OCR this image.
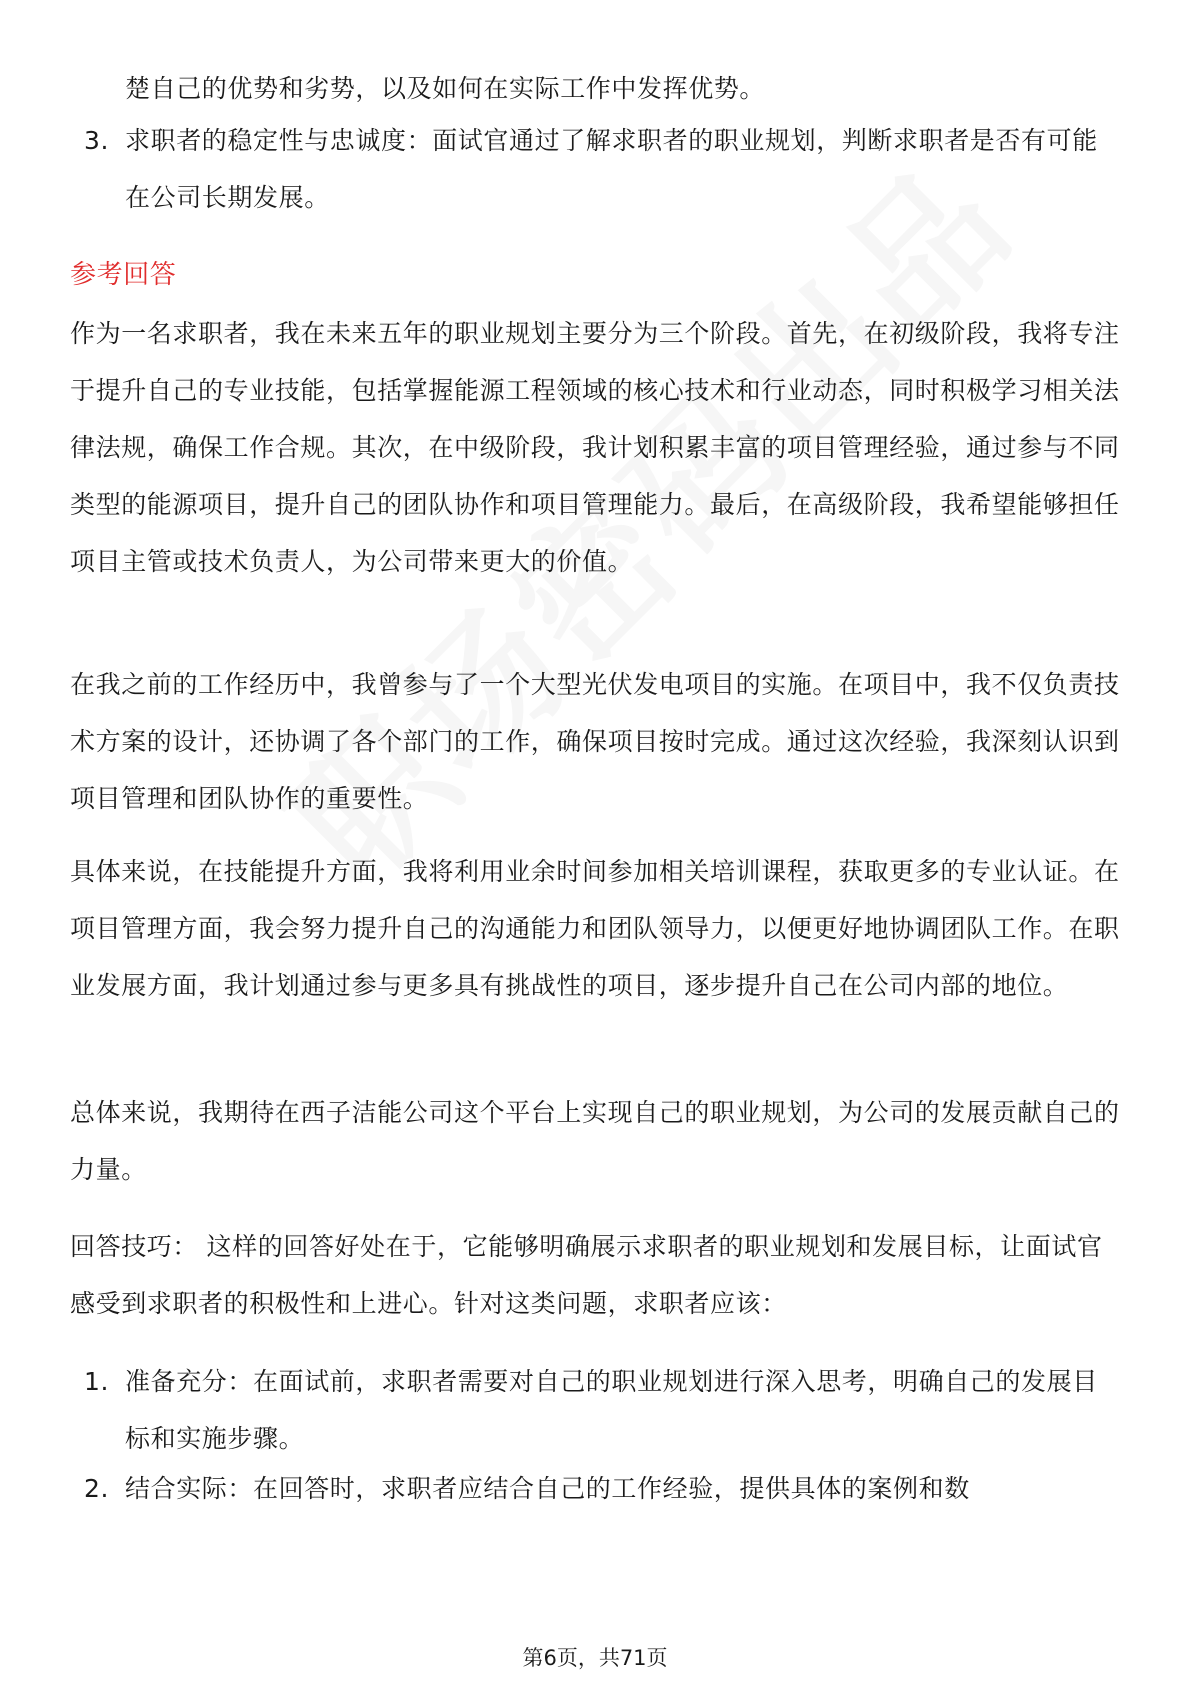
楚自己的优势和劣势，以及如何在实际工作中发挥优势。

3. 求职者的稳定性与忠诚度：面试官通过了解求职者的职业规划，判断求职者是否有可能在公司长期发展。
参考回答

作为一名求职者，我在未来五年的职业规划主要分为三个阶段。首先，在初级阶段，我将专注于提升自己的专业技能，包括掌握能源工程领域的核心技术和行业动态，同时积极学习相关法律法规，确保工作合规。其次，在中级阶段，我计划积累丰富的项目管理经验，通过参与不同类型的能源项目，提升自己的团队协作和项目管理能力。最后，在高级阶段，我希望能够担任项目主管或技术负责人，为公司带来更大的价值。

在我之前的工作经历中，我曾参与了一个大型光伏发电项目的实施。在项目中，我不仅负责技术方案的设计，还协调了各个部门的工作，确保项目按时完成。通过这次经验，我深刻认识到项目管理和团队协作的重要性。

具体来说，在技能提升方面，我将利用业余时间参加相关培训课程，获取更多的专业认证。在项目管理方面，我会努力提升自己的沟通能力和团队领导力，以便更好地协调团队工作。在职业发展方面，我计划通过参与更多具有挑战性的项目，逐步提升自己在公司内部的地位。

总体来说，我期待在西子洁能公司这个平台上实现自己的职业规划，为公司的发展贡献自己的力量。

回答技巧： 这样的回答好处在于，它能够明确展示求职者的职业规划和发展目标，让面试官感受到求职者的积极性和上进心。针对这类问题，求职者应该：

1. 准备充分：在面试前，求职者需要对自己的职业规划进行深入思考，明确自己的发展目标和实施步骤。
2. 结合实际：在回答时，求职者应结合自己的工作经验，提供具体的案例和数
第6页，共71页
